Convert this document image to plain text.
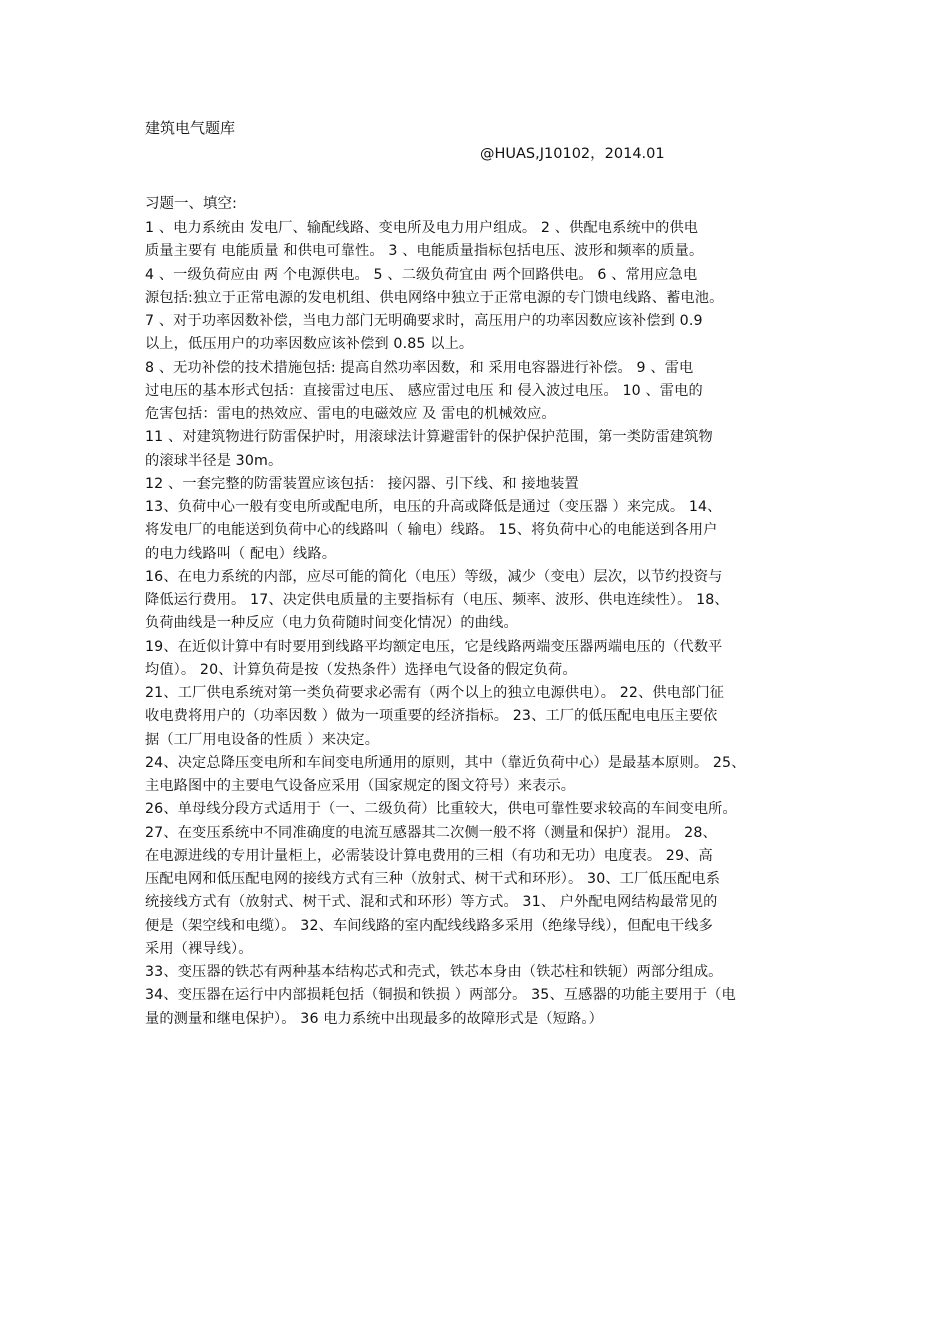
建筑电气题库
@HUAS,J10102，2014.01
习题一、填空:
1 、电力系统由 发电厂、输配线路、变电所及电力用户组成。 2 、供配电系统中的供电
质量主要有 电能质量 和供电可靠性。 3 、电能质量指标包括电压、波形和频率的质量。
4 、一级负荷应由 两 个电源供电。 5 、二级负荷宜由 两个回路供电。 6 、常用应急电
源包括:独立于正常电源的发电机组、供电网络中独立于正常电源的专门馈电线路、蓄电池。
7 、对于功率因数补偿，当电力部门无明确要求时，高压用户的功率因数应该补偿到 0.9
以上，低压用户的功率因数应该补偿到 0.85 以上。
8 、无功补偿的技术措施包括: 提高自然功率因数，和 采用电容器进行补偿。 9 、雷电
过电压的基本形式包括：直接雷过电压、 感应雷过电压 和 侵入波过电压。 10 、雷电的
危害包括：雷电的热效应、雷电的电磁效应 及 雷电的机械效应。
11 、对建筑物进行防雷保护时，用滚球法计算避雷针的保护保护范围，第一类防雷建筑物
的滚球半径是 30m。
12 、一套完整的防雷装置应该包括： 接闪器、引下线、和 接地装置
13、负荷中心一般有变电所或配电所，电压的升高或降低是通过（变压器 ）来完成。 14、
将发电厂的电能送到负荷中心的线路叫（ 输电）线路。 15、将负荷中心的电能送到各用户
的电力线路叫（ 配电）线路。
16、在电力系统的内部，应尽可能的简化（电压）等级，减少（变电）层次，以节约投资与
降低运行费用。 17、决定供电质量的主要指标有（电压、频率、波形、供电连续性）。 18、
负荷曲线是一种反应（电力负荷随时间变化情况）的曲线。
19、在近似计算中有时要用到线路平均额定电压，它是线路两端变压器两端电压的（代数平
均值）。 20、计算负荷是按（发热条件）选择电气设备的假定负荷。
21、工厂供电系统对第一类负荷要求必需有（两个以上的独立电源供电）。 22、供电部门征
收电费将用户的（功率因数 ）做为一项重要的经济指标。 23、工厂的低压配电电压主要依
据（工厂用电设备的性质 ）来决定。
24、决定总降压变电所和车间变电所通用的原则，其中（靠近负荷中心）是最基本原则。 25、
主电路图中的主要电气设备应采用（国家规定的图文符号）来表示。
26、单母线分段方式适用于（一、二级负荷）比重较大，供电可靠性要求较高的车间变电所。
27、在变压系统中不同准确度的电流互感器其二次侧一般不将（测量和保护）混用。 28、
在电源进线的专用计量柜上，必需装设计算电费用的三相（有功和无功）电度表。 29、高
压配电网和低压配电网的接线方式有三种（放射式、树干式和环形）。 30、工厂低压配电系
统接线方式有（放射式、树干式、混和式和环形）等方式。 31、 户外配电网结构最常见的
便是（架空线和电缆）。 32、车间线路的室内配线线路多采用（绝缘导线），但配电干线多
采用（裸导线）。
33、变压器的铁芯有两种基本结构芯式和壳式，铁芯本身由（铁芯柱和铁轭）两部分组成。
34、变压器在运行中内部损耗包括（铜损和铁损 ）两部分。 35、互感器的功能主要用于（电
量的测量和继电保护）。 36 电力系统中出现最多的故障形式是（短路。）
